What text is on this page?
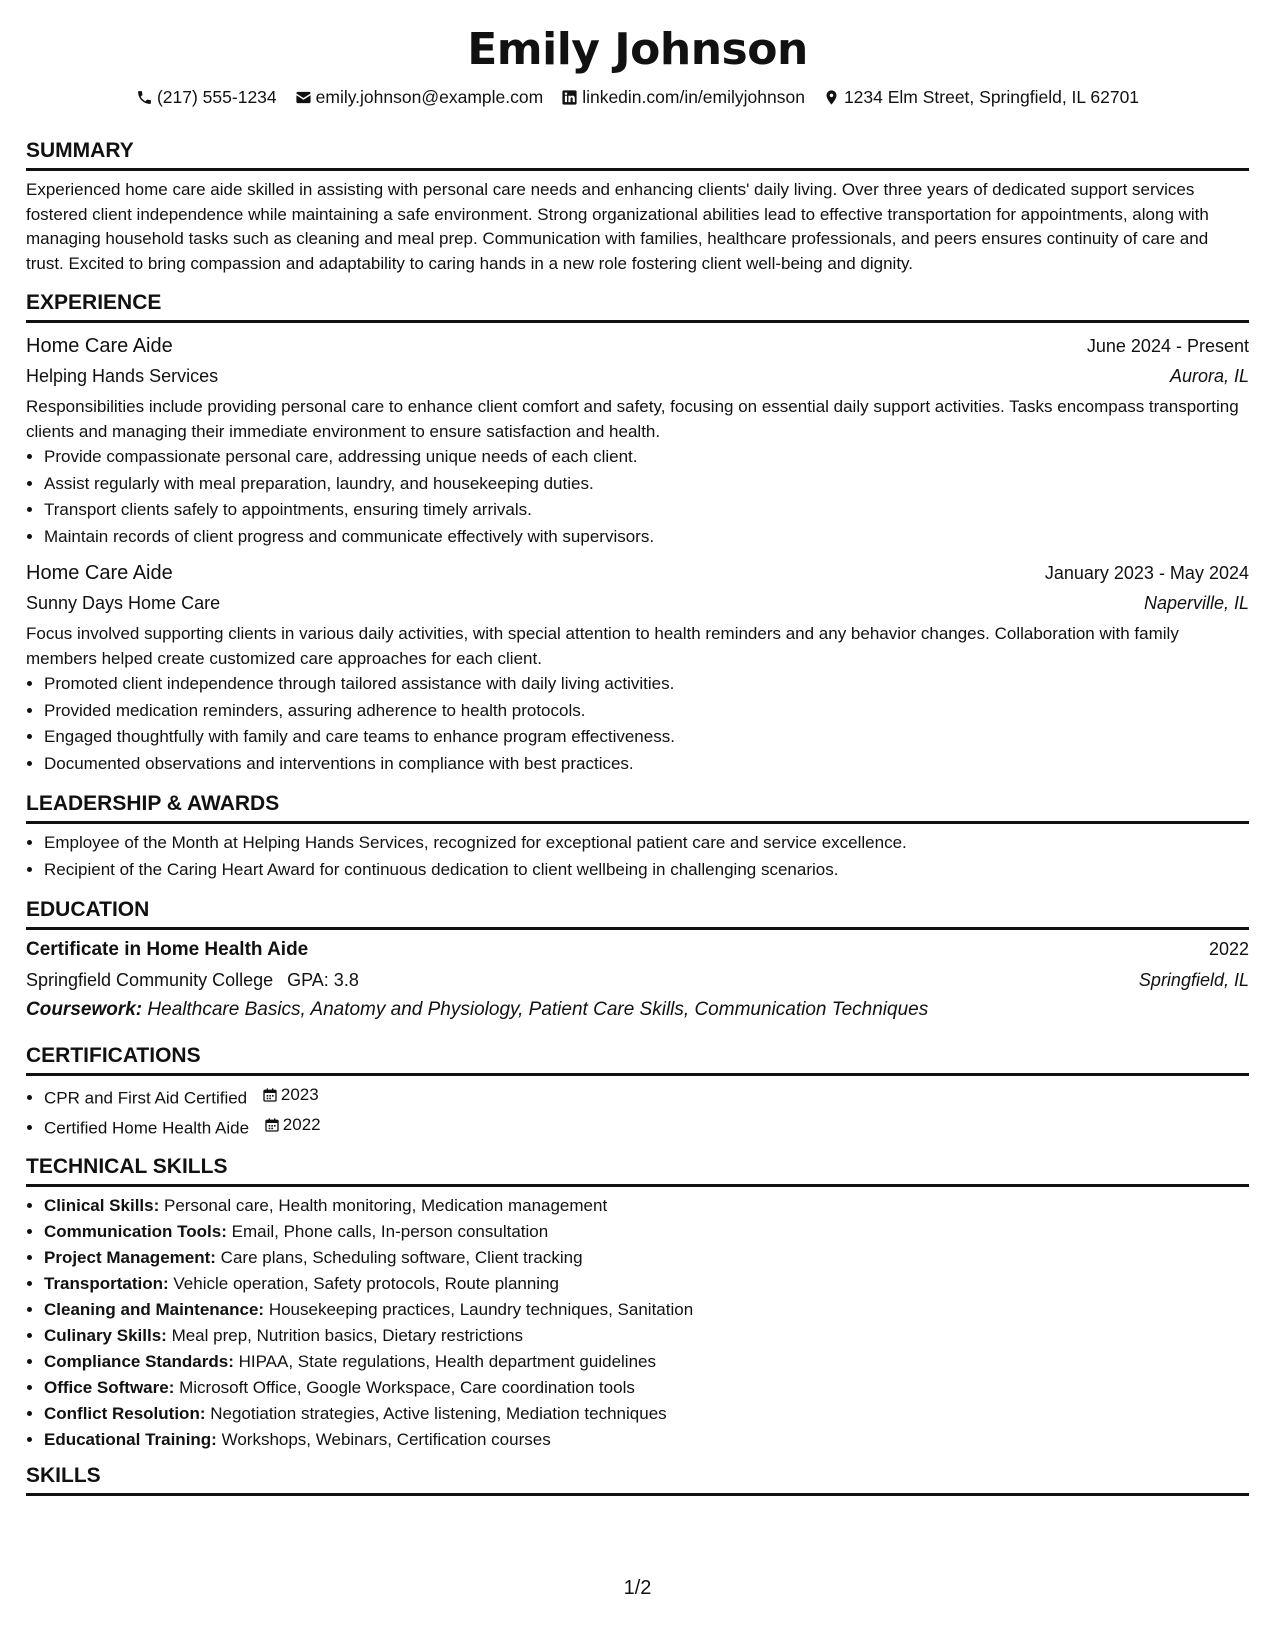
Emily Johnson
(217) 555-1234 emily.johnson@example.com linkedin.com/in/emilyjohnson 1234 Elm Street, Springfield, IL 62701
SUMMARY
Experienced home care aide skilled in assisting with personal care needs and enhancing clients' daily living. Over three years of dedicated support services fostered client independence while maintaining a safe environment. Strong organizational abilities lead to effective transportation for appointments, along with managing household tasks such as cleaning and meal prep. Communication with families, healthcare professionals, and peers ensures continuity of care and trust. Excited to bring compassion and adaptability to caring hands in a new role fostering client well-being and dignity.
EXPERIENCE
Home Care Aide	June 2024 - Present
Helping Hands Services	Aurora, IL
Responsibilities include providing personal care to enhance client comfort and safety, focusing on essential daily support activities. Tasks encompass transporting clients and managing their immediate environment to ensure satisfaction and health.
• Provide compassionate personal care, addressing unique needs of each client.
• Assist regularly with meal preparation, laundry, and housekeeping duties.
• Transport clients safely to appointments, ensuring timely arrivals.
• Maintain records of client progress and communicate effectively with supervisors.
Home Care Aide	January 2023 - May 2024
Sunny Days Home Care	Naperville, IL
Focus involved supporting clients in various daily activities, with special attention to health reminders and any behavior changes. Collaboration with family members helped create customized care approaches for each client.
• Promoted client independence through tailored assistance with daily living activities.
• Provided medication reminders, assuring adherence to health protocols.
• Engaged thoughtfully with family and care teams to enhance program effectiveness.
• Documented observations and interventions in compliance with best practices.
LEADERSHIP & AWARDS
• Employee of the Month at Helping Hands Services, recognized for exceptional patient care and service excellence.
• Recipient of the Caring Heart Award for continuous dedication to client wellbeing in challenging scenarios.
EDUCATION
Certificate in Home Health Aide	2022
Springfield Community College GPA: 3.8	Springfield, IL
Coursework: Healthcare Basics, Anatomy and Physiology, Patient Care Skills, Communication Techniques
CERTIFICATIONS
• CPR and First Aid Certified 2023
• Certified Home Health Aide 2022
TECHNICAL SKILLS
• Clinical Skills: Personal care, Health monitoring, Medication management
• Communication Tools: Email, Phone calls, In-person consultation
• Project Management: Care plans, Scheduling software, Client tracking
• Transportation: Vehicle operation, Safety protocols, Route planning
• Cleaning and Maintenance: Housekeeping practices, Laundry techniques, Sanitation
• Culinary Skills: Meal prep, Nutrition basics, Dietary restrictions
• Compliance Standards: HIPAA, State regulations, Health department guidelines
• Office Software: Microsoft Office, Google Workspace, Care coordination tools
• Conflict Resolution: Negotiation strategies, Active listening, Mediation techniques
• Educational Training: Workshops, Webinars, Certification courses
SKILLS
1/2
